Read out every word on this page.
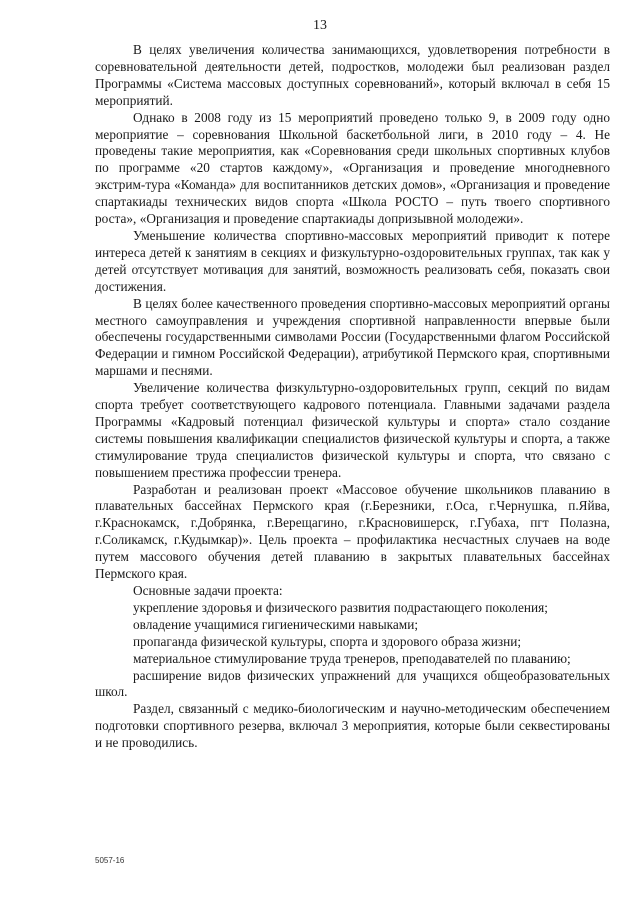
13

В целях увеличения количества занимающихся, удовлетворения потребности в соревновательной деятельности детей, подростков, молодежи был реализован раздел Программы «Система массовых доступных соревнований», который включал в себя 15 мероприятий.

Однако в 2008 году из 15 мероприятий проведено только 9, в 2009 году одно мероприятие – соревнования Школьной баскетбольной лиги, в 2010 году – 4. Не проведены такие мероприятия, как «Соревнования среди школьных спортивных клубов по программе «20 стартов каждому», «Организация и проведение многодневного экстрим-тура «Команда» для воспитанников детских домов», «Организация и проведение спартакиады технических видов спорта «Школа РОСТО – путь твоего спортивного роста», «Организация и проведение спартакиады допризывной молодежи».

Уменьшение количества спортивно-массовых мероприятий приводит к потере интереса детей к занятиям в секциях и физкультурно-оздоровительных группах, так как у детей отсутствует мотивация для занятий, возможность реализовать себя, показать свои достижения.

В целях более качественного проведения спортивно-массовых мероприятий органы местного самоуправления и учреждения спортивной направленности впервые были обеспечены государственными символами России (Государственными флагом Российской Федерации и гимном Российской Федерации), атрибутикой Пермского края, спортивными маршами и песнями.

Увеличение количества физкультурно-оздоровительных групп, секций по видам спорта требует соответствующего кадрового потенциала. Главными задачами раздела Программы «Кадровый потенциал физической культуры и спорта» стало создание системы повышения квалификации специалистов физической культуры и спорта, а также стимулирование труда специалистов физической культуры и спорта, что связано с повышением престижа профессии тренера.

Разработан и реализован проект «Массовое обучение школьников плаванию в плавательных бассейнах Пермского края (г.Березники, г.Оса, г.Чернушка, п.Яйва, г.Краснокамск, г.Добрянка, г.Верещагино, г.Красновишерск, г.Губаха, пгт Полазна, г.Соликамск, г.Кудымкар)». Цель проекта – профилактика несчастных случаев на воде путем массового обучения детей плаванию в закрытых плавательных бассейнах Пермского края.

Основные задачи проекта:

укрепление здоровья и физического развития подрастающего поколения;

овладение учащимися гигиеническими навыками;

пропаганда физической культуры, спорта и здорового образа жизни;

материальное стимулирование труда тренеров, преподавателей по плаванию;

расширение видов физических упражнений для учащихся общеобразовательных школ.

Раздел, связанный с медико-биологическим и научно-методическим обеспечением подготовки спортивного резерва, включал 3 мероприятия, которые были секвестированы и не проводились.

5057-16
